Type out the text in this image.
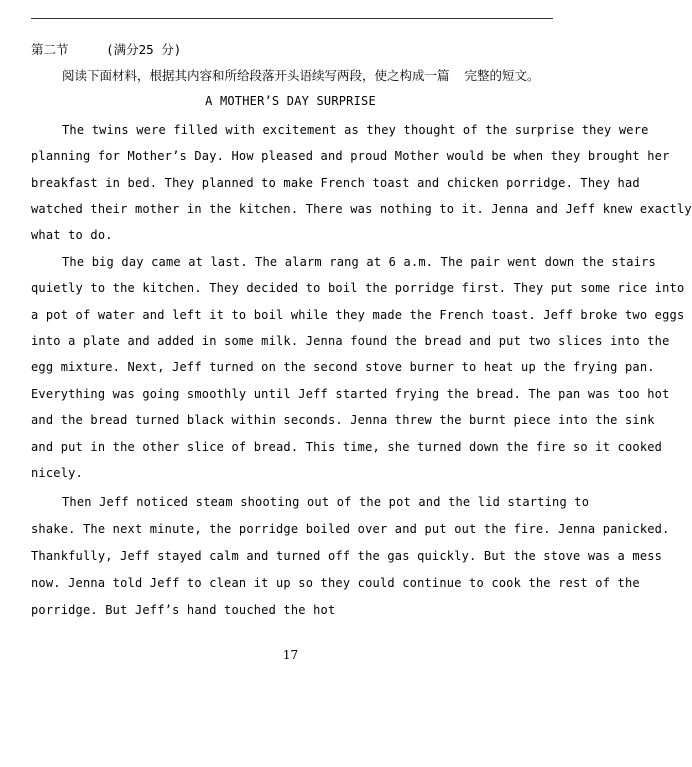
第二节     (满分25 分)
阅读下面材料，根据其内容和所给段落开头语续写两段，使之构成一篇  完整的短文。
A MOTHER’S DAY SURPRISE
The twins were filled with excitement as they thought of the surprise they were
planning for Mother’s Day. How pleased and proud Mother would be when they brought her
breakfast in bed. They planned to make French toast and chicken porridge. They had
watched their mother in the kitchen. There was nothing to it. Jenna and Jeff knew exactly
what to do.
The big day came at last. The alarm rang at 6 a.m. The pair went down the stairs
quietly to the kitchen. They decided to boil the porridge first. They put some rice into
a pot of water and left it to boil while they made the French toast. Jeff broke two eggs
into a plate and added in some milk. Jenna found the bread and put two slices into the
egg mixture. Next, Jeff turned on the second stove burner to heat up the frying pan.
Everything was going smoothly until Jeff started frying the bread. The pan was too hot
and the bread turned black within seconds. Jenna threw the burnt piece into the sink
and put in the other slice of bread. This time, she turned down the fire so it cooked
nicely.
Then Jeff noticed steam shooting out of the pot and the lid starting to
shake. The next minute, the porridge boiled over and put out the fire. Jenna panicked.
Thankfully, Jeff stayed calm and turned off the gas quickly. But the stove was a mess
now. Jenna told Jeff to clean it up so they could continue to cook the rest of the
porridge. But Jeff’s hand touched the hot
17
